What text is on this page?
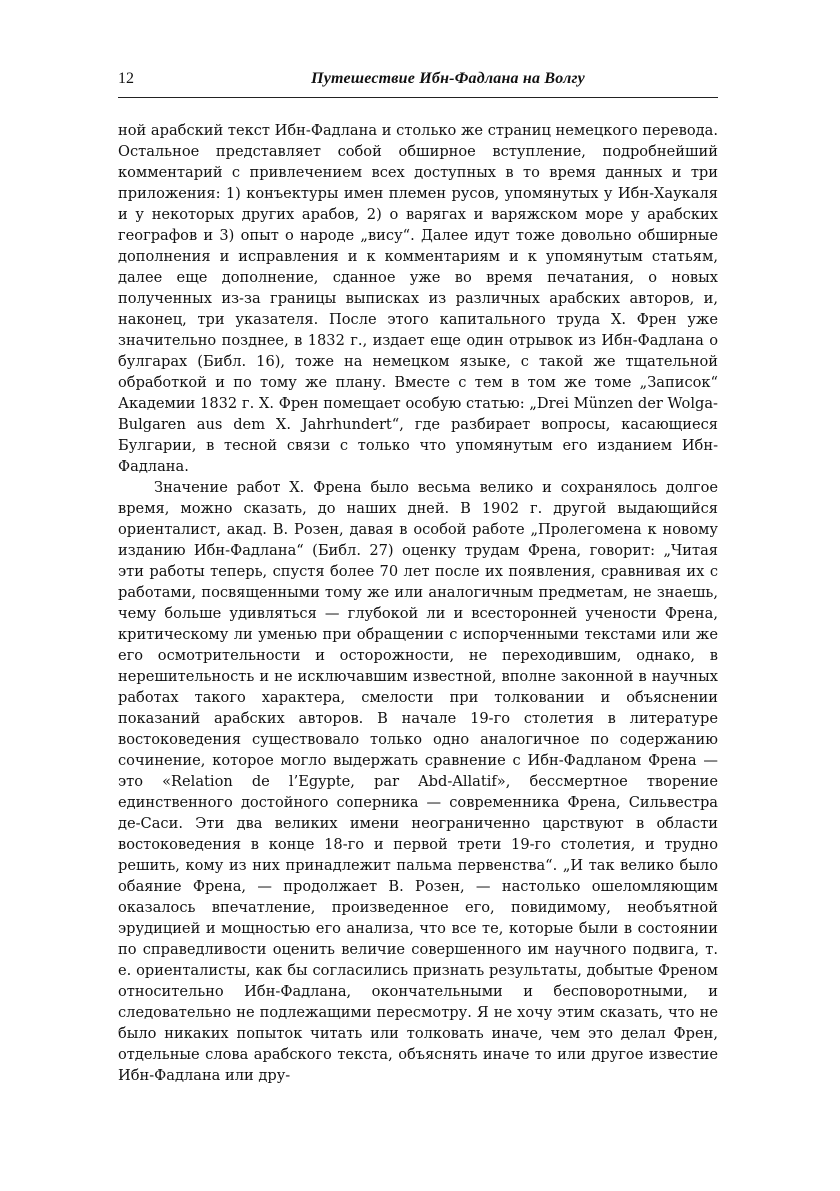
12	Путешествие Ибн-Фадлана на Волгу

ной арабский текст Ибн-Фадлана и столько же страниц немецкого перевода. Остальное представляет собой обширное вступление, подробнейший комментарий с привлечением всех доступных в то время данных и три приложения: 1) конъектуры имен племен русов, упомянутых у Ибн-Хаукаля и у некоторых других арабов, 2) о варягах и варяжском море у арабских географов и 3) опыт о народе „вису“. Далее идут тоже довольно обширные дополнения и исправления и к комментариям и к упомянутым статьям, далее еще дополнение, сданное уже во время печатания, о новых полученных из-за границы выписках из различных арабских авторов, и, наконец, три указателя. После этого капитального труда Х. Френ уже значительно позднее, в 1832 г., издает еще один отрывок из Ибн-Фадлана о булгарах (Библ. 16), тоже на немецком языке, с такой же тщательной обработкой и по тому же плану. Вместе с тем в том же томе „Записок“ Академии 1832 г. Х. Френ помещает особую статью: „Drei Münzen der Wolga-Bulgaren aus dem X. Jahrhundert“, где разбирает вопросы, касающиеся Булгарии, в тесной связи с только что упомянутым его изданием Ибн-Фадлана.

Значение работ Х. Френа было весьма велико и сохранялось долгое время, можно сказать, до наших дней. В 1902 г. другой выдающийся ориенталист, акад. В. Розен, давая в особой работе „Пролегомена к новому изданию Ибн-Фадлана“ (Библ. 27) оценку трудам Френа, говорит: „Читая эти работы теперь, спустя более 70 лет после их появления, сравнивая их с работами, посвященными тому же или аналогичным предметам, не знаешь, чему больше удивляться — глубокой ли и всесторонней учености Френа, критическому ли уменью при обращении с испорченными текстами или же его осмотрительности и осторожности, не переходившим, однако, в нерешительность и не исключавшим известной, вполне законной в научных работах такого характера, смелости при толковании и объяснении показаний арабских авторов. В начале 19-го столетия в литературе востоковедения существовало только одно аналогичное по содержанию сочинение, которое могло выдержать сравнение с Ибн-Фадланом Френа — это «Relation de l’Egypte, par Abd-Allatif», бессмертное творение единственного достойного соперника — современника Френа, Сильвестра де-Саси. Эти два великих имени неограниченно царствуют в области востоковедения в конце 18-го и первой трети 19-го столетия, и трудно решить, кому из них принадлежит пальма первенства“. „И так велико было обаяние Френа, — продолжает В. Розен, — настолько ошеломляющим оказалось впечатление, произведенное его, повидимому, необъятной эрудицией и мощностью его анализа, что все те, которые были в состоянии по справедливости оценить величие совершенного им научного подвига, т. е. ориенталисты, как бы согласились признать результаты, добытые Френом относительно Ибн-Фадлана, окончательными и бесповоротными, и следовательно не подлежащими пересмотру. Я не хочу этим сказать, что не было никаких попыток читать или толковать иначе, чем это делал Френ, отдельные слова арабского текста, объяснять иначе то или другое известие Ибн-Фадлана или дру-
